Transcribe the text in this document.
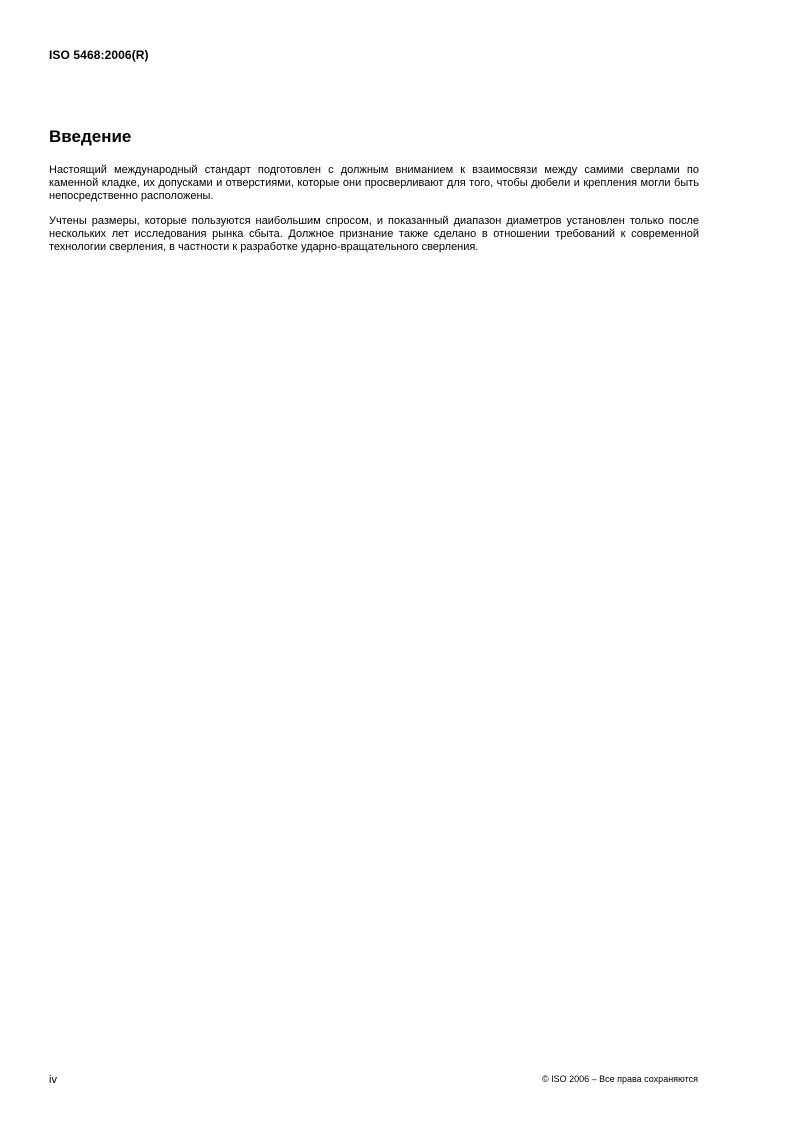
ISO 5468:2006(R)
Введение

Настоящий международный стандарт подготовлен с должным вниманием к взаимосвязи между самими сверлами по каменной кладке, их допусками и отверстиями, которые они просверливают для того, чтобы дюбели и крепления могли быть непосредственно расположены.

Учтены размеры, которые пользуются наибольшим спросом, и показанный диапазон диаметров установлен только после нескольких лет исследования рынка сбыта. Должное признание также сделано в отношении требований к современной технологии сверления, в частности к разработке ударно-вращательного сверления.

iv	© ISO 2006 – Все права сохраняются
